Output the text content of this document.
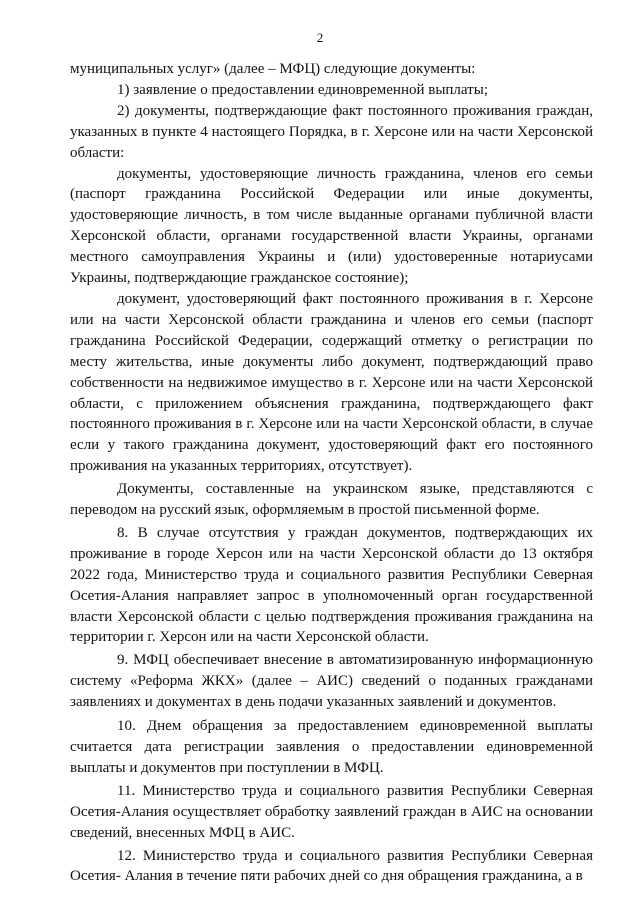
2

муниципальных услуг» (далее – МФЦ) следующие документы:

1) заявление о предоставлении единовременной выплаты;

2) документы, подтверждающие факт постоянного проживания граждан, указанных в пункте 4 настоящего Порядка, в г. Херсоне или на части Херсонской области:

документы, удостоверяющие личность гражданина, членов его семьи (паспорт гражданина Российской Федерации или иные документы, удостоверяющие личность, в том числе выданные органами публичной власти Херсонской области, органами государственной власти Украины, органами местного самоуправления Украины и (или) удостоверенные нотариусами Украины, подтверждающие гражданское состояние);

документ, удостоверяющий факт постоянного проживания в г. Херсоне или на части Херсонской области гражданина и членов его семьи (паспорт гражданина Российской Федерации, содержащий отметку о регистрации по месту жительства, иные документы либо документ, подтверждающий право собственности на недвижимое имущество в г. Херсоне или на части Херсонской области, с приложением объяснения гражданина, подтверждающего факт постоянного проживания в г. Херсоне или на части Херсонской области, в случае если у такого гражданина документ, удостоверяющий факт его постоянного проживания на указанных территориях, отсутствует).

Документы, составленные на украинском языке, представляются с переводом на русский язык, оформляемым в простой письменной форме.

8. В случае отсутствия у граждан документов, подтверждающих их проживание в городе Херсон или на части Херсонской области до 13 октября 2022 года, Министерство труда и социального развития Республики Северная Осетия-Алания направляет запрос в уполномоченный орган государственной власти Херсонской области с целью подтверждения проживания гражданина на территории г. Херсон или на части Херсонской области.

9. МФЦ обеспечивает внесение в автоматизированную информационную систему «Реформа ЖКХ» (далее – АИС) сведений о поданных гражданами заявлениях и документах в день подачи указанных заявлений и документов.

10. Днем обращения за предоставлением единовременной выплаты считается дата регистрации заявления о предоставлении единовременной выплаты и документов при поступлении в МФЦ.

11. Министерство труда и социального развития Республики Северная Осетия-Алания осуществляет обработку заявлений граждан в АИС на основании сведений, внесенных МФЦ в АИС.

12. Министерство труда и социального развития Республики Северная Осетия- Алания в течение пяти рабочих дней со дня обращения гражданина, а в
